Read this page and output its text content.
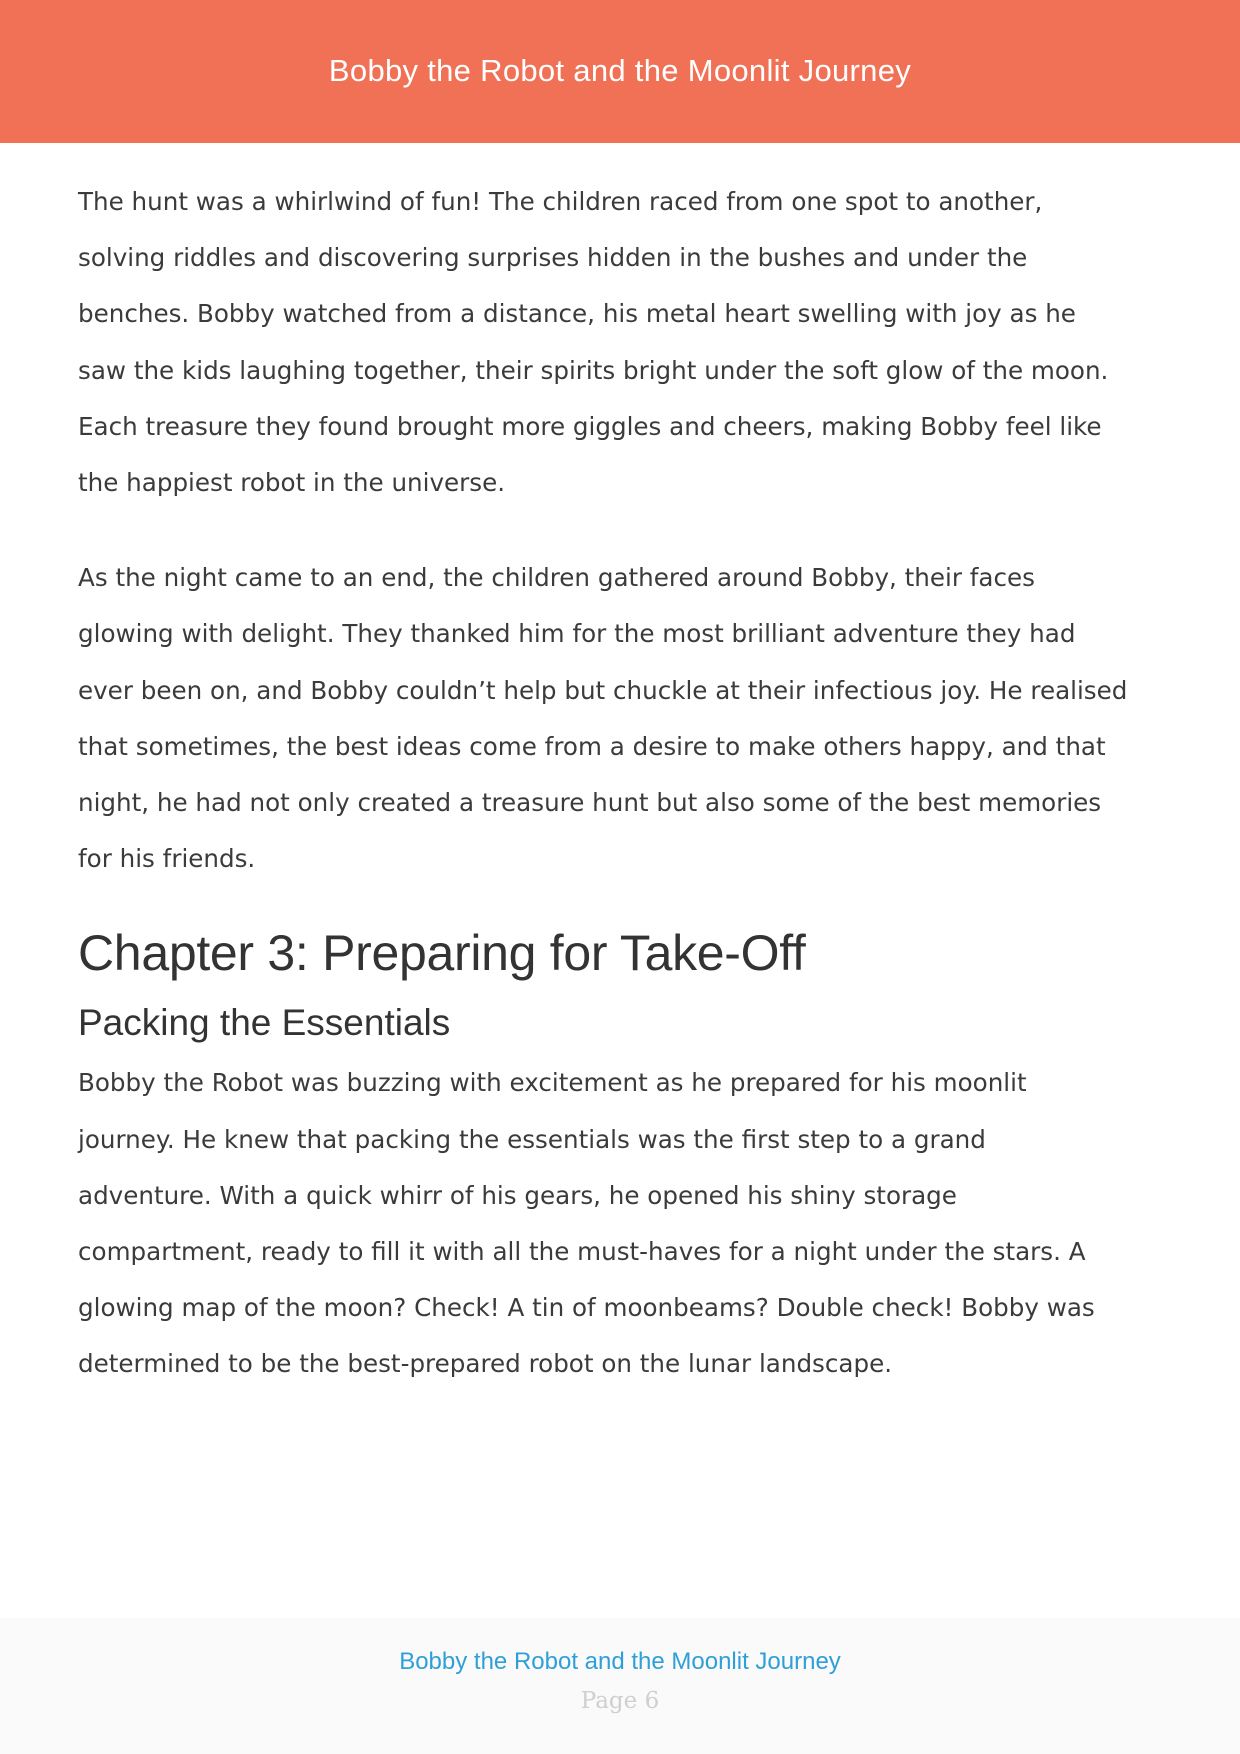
Bobby the Robot and the Moonlit Journey

The hunt was a whirlwind of fun! The children raced from one spot to another,
solving riddles and discovering surprises hidden in the bushes and under the
benches. Bobby watched from a distance, his metal heart swelling with joy as he
saw the kids laughing together, their spirits bright under the soft glow of the moon.
Each treasure they found brought more giggles and cheers, making Bobby feel like
the happiest robot in the universe.

As the night came to an end, the children gathered around Bobby, their faces
glowing with delight. They thanked him for the most brilliant adventure they had
ever been on, and Bobby couldn’t help but chuckle at their infectious joy. He realised
that sometimes, the best ideas come from a desire to make others happy, and that
night, he had not only created a treasure hunt but also some of the best memories
for his friends.

Chapter 3: Preparing for Take-Off
Packing the Essentials

Bobby the Robot was buzzing with excitement as he prepared for his moonlit
journey. He knew that packing the essentials was the first step to a grand
adventure. With a quick whirr of his gears, he opened his shiny storage
compartment, ready to fill it with all the must-haves for a night under the stars. A
glowing map of the moon? Check! A tin of moonbeams? Double check! Bobby was
determined to be the best-prepared robot on the lunar landscape.

Bobby the Robot and the Moonlit Journey
Page 6
